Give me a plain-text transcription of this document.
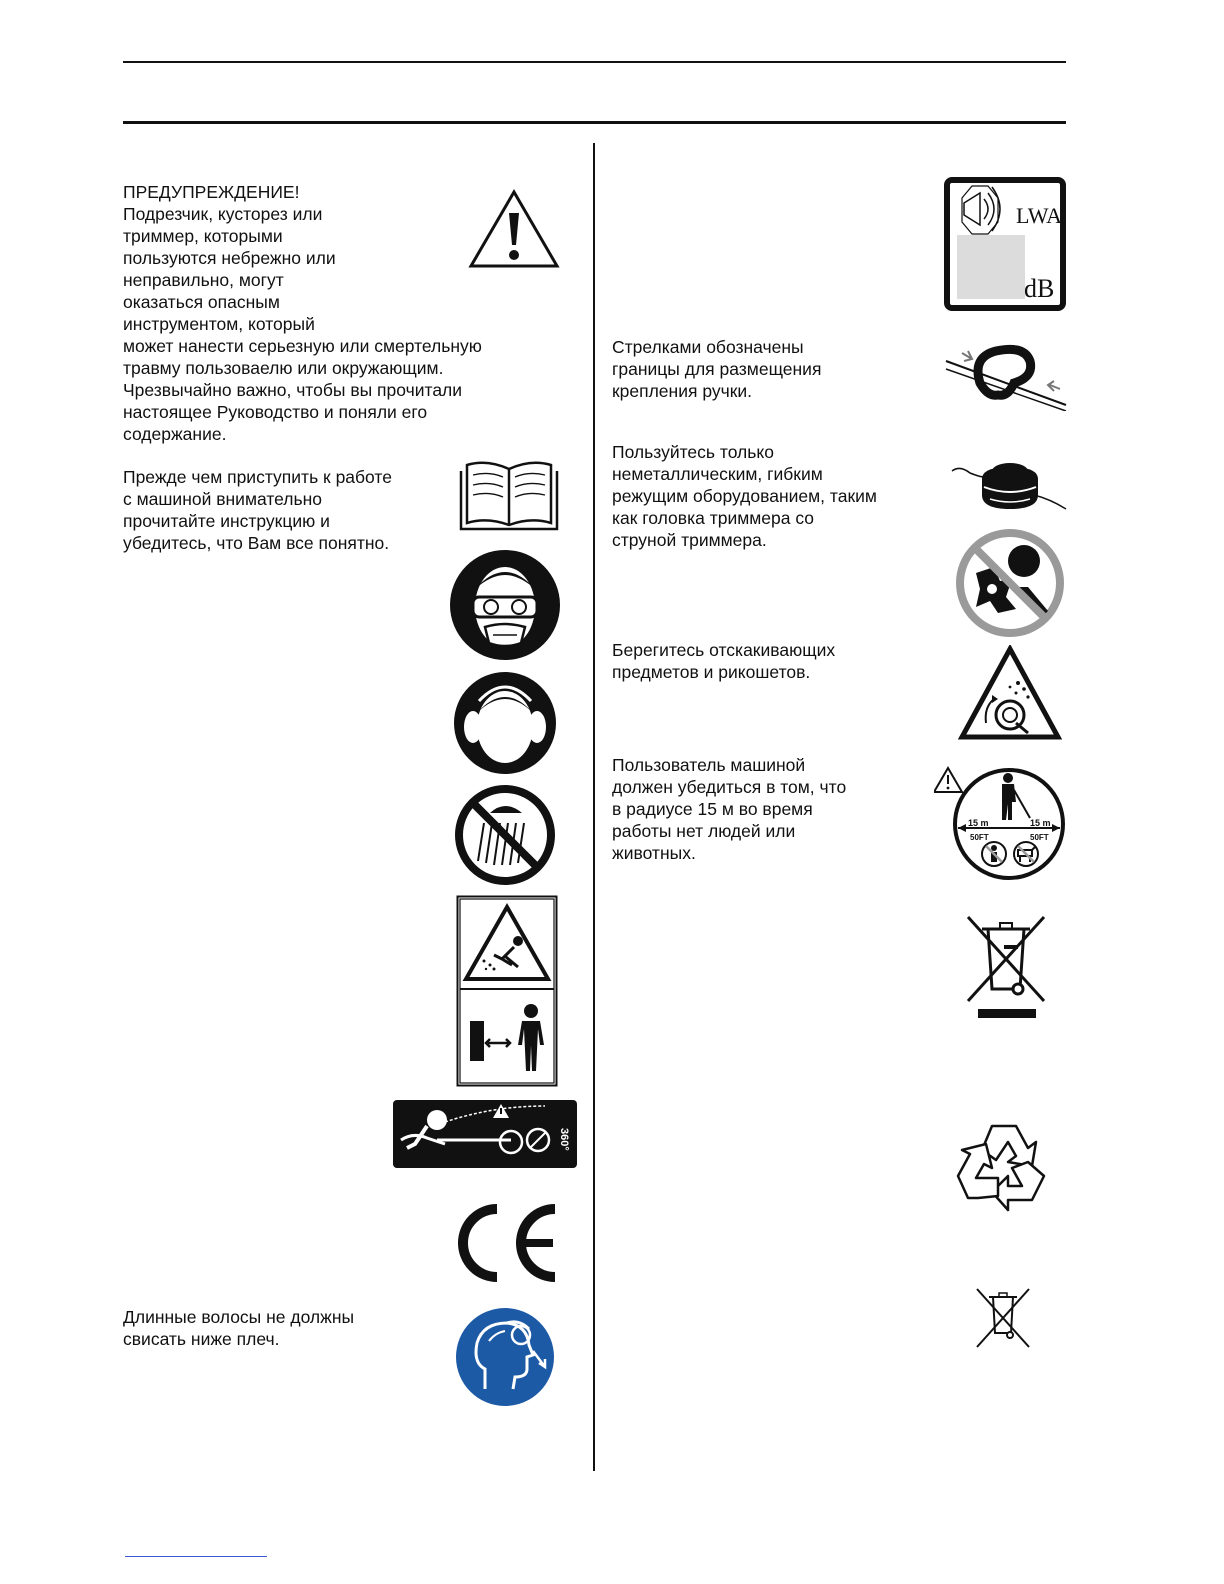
ПРЕДУПРЕЖДЕНИЕ!
Подрезчик, кусторез или
триммер, которыми
пользуются небрежно или
неправильно, могут
оказаться опасным
инструментом, который
может нанести серьезную или смертельную
травму пользоваелю или окружающим.
Чрезвычайно важно, чтобы вы прочитали
настоящее Руководство и поняли его
содержание.

Прежде чем приступить к работе
с машиной внимательно
прочитайте инструкцию и
убедитесь, что Вам все понятно.

360°

Длинные волосы не должны
свисать ниже плеч.

LWA
dB

Стрелками обозначены
границы для размещения
крепления ручки.

Пользуйтесь только
неметаллическим, гибким
режущим оборудованием, таким
как головка триммера со
струной триммера.

Берегитесь отскакивающих
предметов и рикошетов.

Пользователь машиной
должен убедиться в том, что
в радиусе 15 м во время
работы нет людей или
животных.

15 m
50FT
15 m
50FT
